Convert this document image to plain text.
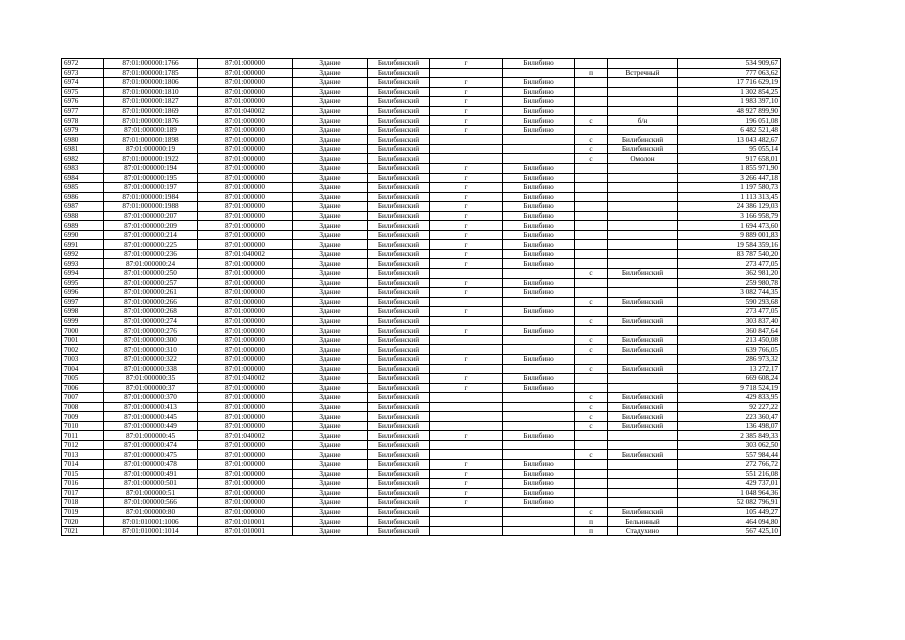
6972	87:01:000000:1766	87:01:000000	Здание	Билибинский	г	Билибино			534 909,67
6973	87:01:000000:1785	87:01:000000	Здание	Билибинский			п	Встречный	777 063,62
6974	87:01:000000:1806	87:01:000000	Здание	Билибинский	г	Билибино			17 716 629,19
6975	87:01:000000:1810	87:01:000000	Здание	Билибинский	г	Билибино			1 302 854,25
6976	87:01:000000:1827	87:01:000000	Здание	Билибинский	г	Билибино			1 983 397,10
6977	87:01:000000:1869	87:01:040002	Здание	Билибинский	г	Билибино			48 927 899,90
6978	87:01:000000:1876	87:01:000000	Здание	Билибинский	г	Билибино	с	б/н	196 051,08
6979	87:01:000000:189	87:01:000000	Здание	Билибинский	г	Билибино			6 482 521,48
6980	87:01:000000:1898	87:01:000000	Здание	Билибинский			с	Билибинский	13 043 482,67
6981	87:01:000000:19	87:01:000000	Здание	Билибинский			с	Билибинский	95 055,14
6982	87:01:000000:1922	87:01:000000	Здание	Билибинский			с	Омолон	917 658,01
6983	87:01:000000:194	87:01:000000	Здание	Билибинский	г	Билибино			1 855 971,90
6984	87:01:000000:195	87:01:000000	Здание	Билибинский	г	Билибино			3 266 447,18
6985	87:01:000000:197	87:01:000000	Здание	Билибинский	г	Билибино			1 197 580,73
6986	87:01:000000:1984	87:01:000000	Здание	Билибинский	г	Билибино			1 113 313,45
6987	87:01:000000:1988	87:01:000000	Здание	Билибинский	г	Билибино			24 386 129,03
6988	87:01:000000:207	87:01:000000	Здание	Билибинский	г	Билибино			3 166 958,79
6989	87:01:000000:209	87:01:000000	Здание	Билибинский	г	Билибино			1 694 473,60
6990	87:01:000000:214	87:01:000000	Здание	Билибинский	г	Билибино			9 889 001,83
6991	87:01:000000:225	87:01:000000	Здание	Билибинский	г	Билибино			19 584 359,16
6992	87:01:000000:236	87:01:040002	Здание	Билибинский	г	Билибино			83 787 540,20
6993	87:01:000000:24	87:01:000000	Здание	Билибинский	г	Билибино			273 477,05
6994	87:01:000000:250	87:01:000000	Здание	Билибинский			с	Билибинский	362 981,20
6995	87:01:000000:257	87:01:000000	Здание	Билибинский	г	Билибино			259 980,78
6996	87:01:000000:261	87:01:000000	Здание	Билибинский	г	Билибино			3 082 744,35
6997	87:01:000000:266	87:01:000000	Здание	Билибинский			с	Билибинский	590 293,68
6998	87:01:000000:268	87:01:000000	Здание	Билибинский	г	Билибино			273 477,05
6999	87:01:000000:274	87:01:000000	Здание	Билибинский			с	Билибинский	303 837,40
7000	87:01:000000:276	87:01:000000	Здание	Билибинский	г	Билибино			360 847,64
7001	87:01:000000:300	87:01:000000	Здание	Билибинский			с	Билибинский	213 450,08
7002	87:01:000000:310	87:01:000000	Здание	Билибинский			с	Билибинский	639 766,05
7003	87:01:000000:322	87:01:000000	Здание	Билибинский	г	Билибино			286 973,32
7004	87:01:000000:338	87:01:000000	Здание	Билибинский			с	Билибинский	13 272,17
7005	87:01:000000:35	87:01:040002	Здание	Билибинский	г	Билибино			669 608,24
7006	87:01:000000:37	87:01:000000	Здание	Билибинский	г	Билибино			9 718 524,19
7007	87:01:000000:370	87:01:000000	Здание	Билибинский			с	Билибинский	429 833,95
7008	87:01:000000:413	87:01:000000	Здание	Билибинский			с	Билибинский	92 227,22
7009	87:01:000000:445	87:01:000000	Здание	Билибинский			с	Билибинский	223 360,47
7010	87:01:000000:449	87:01:000000	Здание	Билибинский			с	Билибинский	136 498,07
7011	87:01:000000:45	87:01:040002	Здание	Билибинский	г	Билибино			2 385 849,33
7012	87:01:000000:474	87:01:000000	Здание	Билибинский					303 062,50
7013	87:01:000000:475	87:01:000000	Здание	Билибинский			с	Билибинский	557 984,44
7014	87:01:000000:478	87:01:000000	Здание	Билибинский	г	Билибино			272 766,72
7015	87:01:000000:491	87:01:000000	Здание	Билибинский	г	Билибино			551 216,08
7016	87:01:000000:501	87:01:000000	Здание	Билибинский	г	Билибино			429 737,01
7017	87:01:000000:51	87:01:000000	Здание	Билибинский	г	Билибино			1 048 964,36
7018	87:01:000000:566	87:01:000000	Здание	Билибинский	г	Билибино			52 082 796,91
7019	87:01:000000:80	87:01:000000	Здание	Билибинский			с	Билибинский	105 449,27
7020	87:01:010001:1006	87:01:010001	Здание	Билибинский			п	Бельинный	464 094,80
7021	87:01:010001:1014	87:01:010001	Здание	Билибинский			п	Стадухино	567 425,10
